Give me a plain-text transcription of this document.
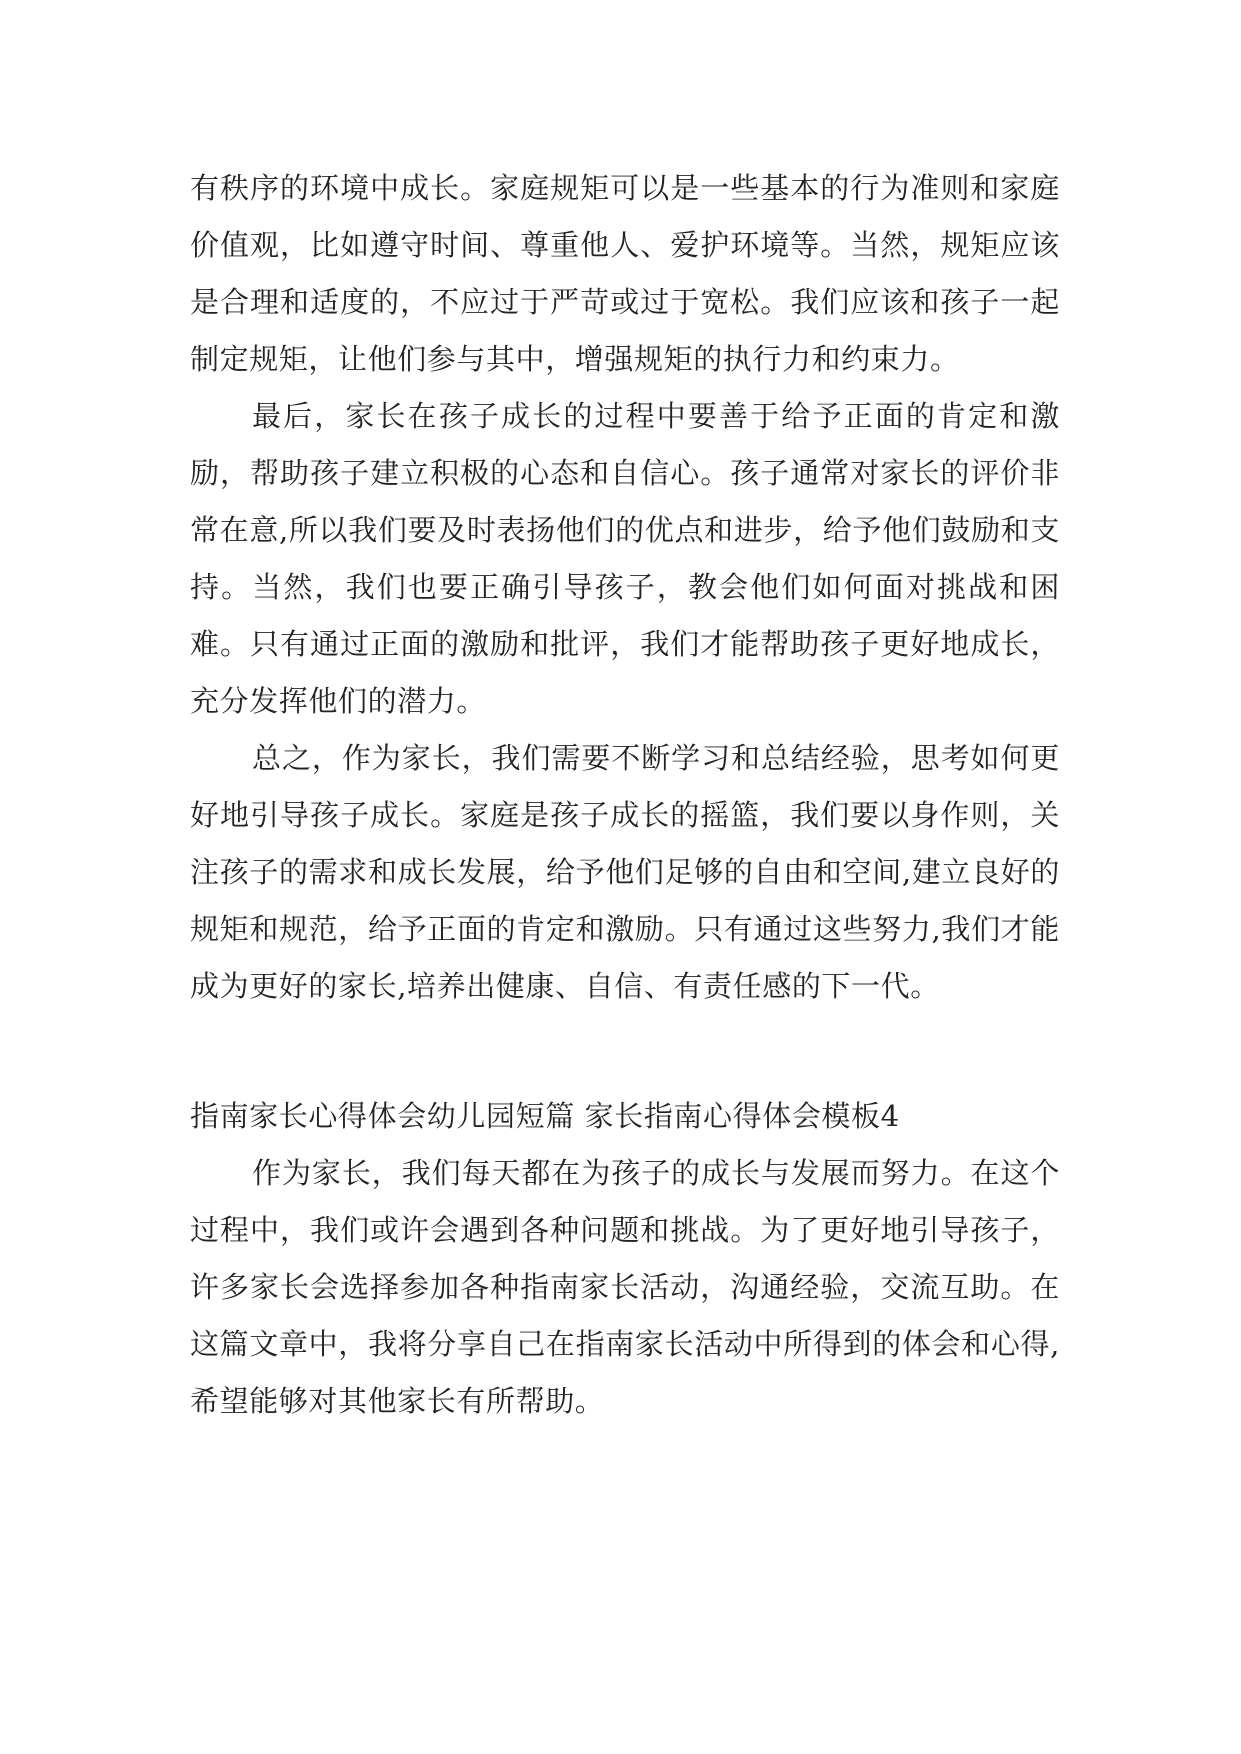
有秩序的环境中成长。家庭规矩可以是一些基本的行为准则和家庭价值观，比如遵守时间、尊重他人、爱护环境等。当然，规矩应该是合理和适度的，不应过于严苛或过于宽松。我们应该和孩子一起制定规矩，让他们参与其中，增强规矩的执行力和约束力。

最后，家长在孩子成长的过程中要善于给予正面的肯定和激励，帮助孩子建立积极的心态和自信心。孩子通常对家长的评价非常在意,所以我们要及时表扬他们的优点和进步，给予他们鼓励和支持。当然，我们也要正确引导孩子，教会他们如何面对挑战和困难。只有通过正面的激励和批评，我们才能帮助孩子更好地成长，充分发挥他们的潜力。

总之，作为家长，我们需要不断学习和总结经验，思考如何更好地引导孩子成长。家庭是孩子成长的摇篮，我们要以身作则，关注孩子的需求和成长发展，给予他们足够的自由和空间,建立良好的规矩和规范，给予正面的肯定和激励。只有通过这些努力,我们才能成为更好的家长,培养出健康、自信、有责任感的下一代。

指南家长心得体会幼儿园短篇 家长指南心得体会模板4

作为家长，我们每天都在为孩子的成长与发展而努力。在这个过程中，我们或许会遇到各种问题和挑战。为了更好地引导孩子，许多家长会选择参加各种指南家长活动，沟通经验，交流互助。在这篇文章中，我将分享自己在指南家长活动中所得到的体会和心得,希望能够对其他家长有所帮助。
